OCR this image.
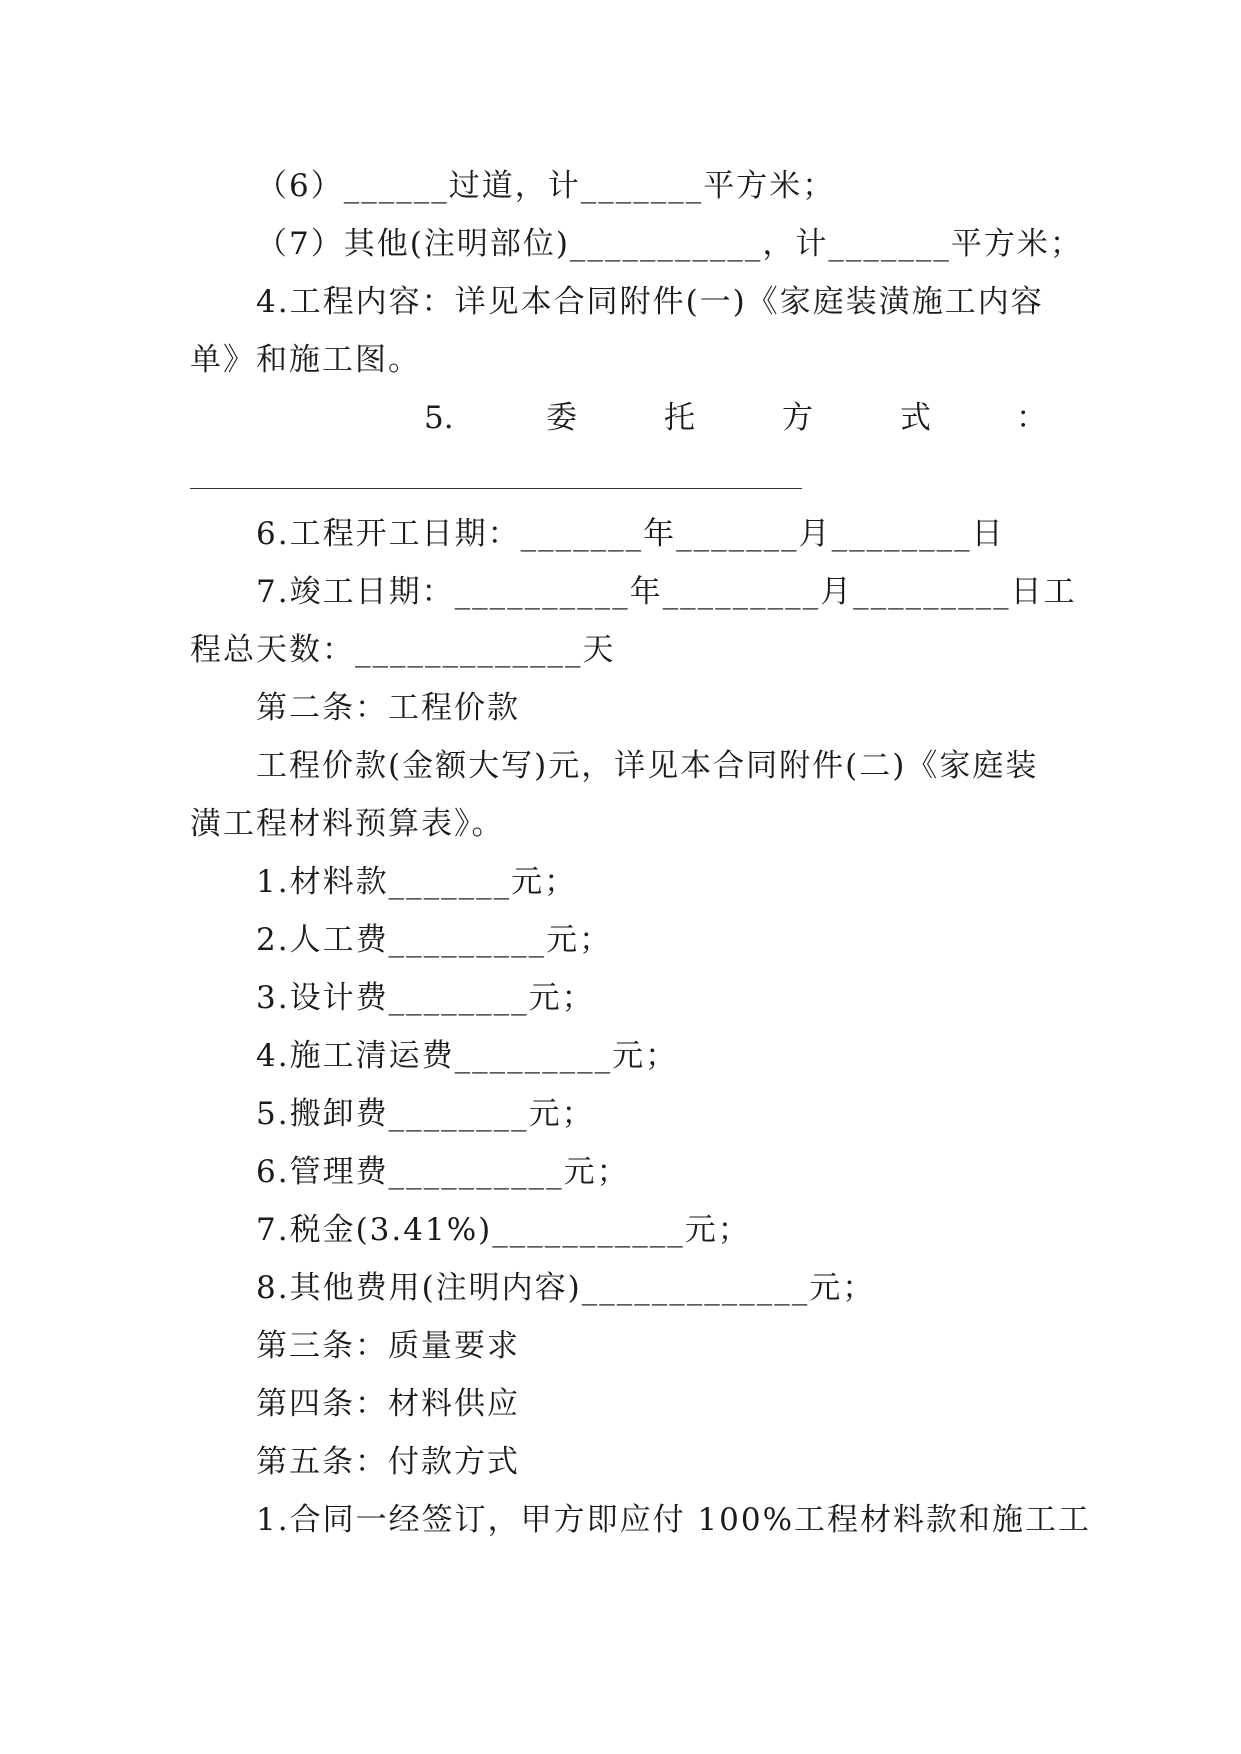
（6）______过道，计_______平方米；
（7）其他(注明部位)___________，计_______平方米；
4.工程内容：详见本合同附件(一)《家庭装潢施工内容
单》和施工图。
5.	委	托	方	式	：
6.工程开工日期：_______年_______月________日
7.竣工日期：__________年_________月_________日工
程总天数：_____________天
第二条：工程价款
工程价款(金额大写)元，详见本合同附件(二)《家庭装
潢工程材料预算表》。
1.材料款_______元；
2.人工费_________元；
3.设计费________元；
4.施工清运费_________元；
5.搬卸费________元；
6.管理费__________元；
7.税金(3.41%)___________元；
8.其他费用(注明内容)_____________元；
第三条：质量要求
第四条：材料供应
第五条：付款方式
1.合同一经签订，甲方即应付 100%工程材料款和施工工
